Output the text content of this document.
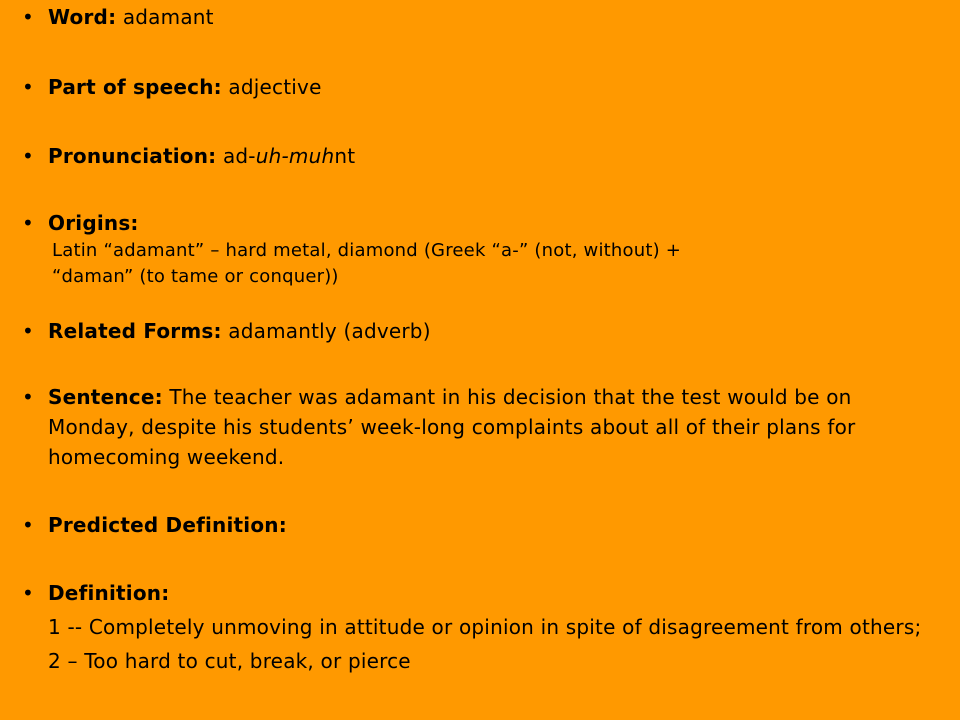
• Word: adamant
• Part of speech: adjective
• Pronunciation: ad-uh-muhnt
• Origins:
Latin “adamant” – hard metal, diamond (Greek “a-” (not, without) +
“daman” (to tame or conquer))
• Related Forms: adamantly (adverb)
• Sentence: The teacher was adamant in his decision that the test would be on Monday, despite his students’ week-long complaints about all of their plans for homecoming weekend.
• Predicted Definition:
• Definition:
1 -- Completely unmoving in attitude or opinion in spite of disagreement from others;
2 – Too hard to cut, break, or pierce
